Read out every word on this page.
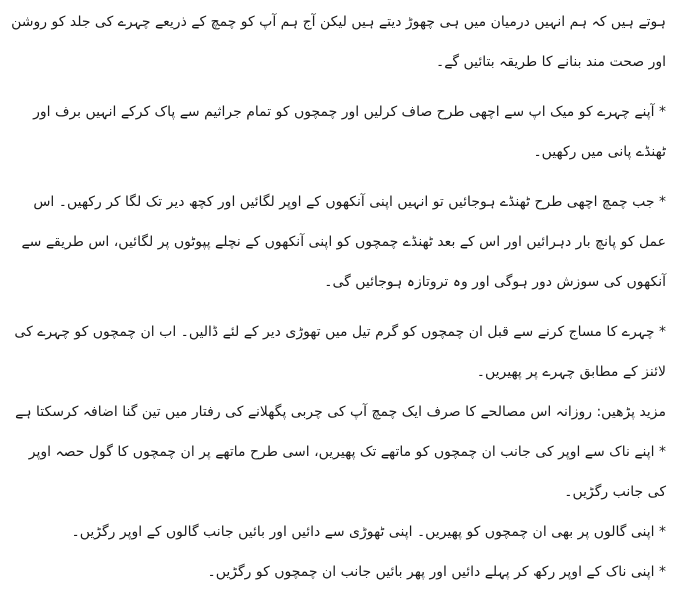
ہوتے ہیں کہ ہم انہیں درمیان میں ہی چھوڑ دیتے ہیں لیکن آج ہم آپ کو چمچ کے ذریعے چہرے کی جلد کو روشن اور صحت مند بنانے کا طریقہ بتائیں گے۔

* آپنے چہرے کو میک اپ سے اچھی طرح صاف کرلیں اور چمچوں کو تمام جراثیم سے پاک کرکے انہیں برف اور ٹھنڈے پانی میں رکھیں۔

* جب چمچ اچھی طرح ٹھنڈے ہوجائیں تو انہیں اپنی آنکھوں کے اوپر لگائیں اور کچھ دیر تک لگا کر رکھیں۔ اس عمل کو پانچ بار دہرائیں اور اس کے بعد ٹھنڈے چمچوں کو اپنی آنکھوں کے نچلے پپوٹوں پر لگائیں، اس طریقے سے آنکھوں کی سوزش دور ہوگی اور وہ تروتازہ ہوجائیں گی۔

* چہرے کا مساج کرنے سے قبل ان چمچوں کو گرم تیل میں تھوڑی دیر کے لئے ڈالیں۔ اب ان چمچوں کو چہرے کی لائنز کے مطابق چہرے پر پھیریں۔

مزید پڑھیں: روزانہ اس مصالحے کا صرف ایک چمچ آپ کی چربی پگھلانے کی رفتار میں تین گنا اضافہ کرسکتا ہے

* اپنے ناک سے اوپر کی جانب ان چمچوں کو ماتھے تک پھیریں، اسی طرح ماتھے پر ان چمچوں کا گول حصہ اوپر کی جانب رگڑیں۔

* اپنی گالوں پر بھی ان چمچوں کو پھیریں۔ اپنی ٹھوڑی سے دائیں اور بائیں جانب گالوں کے اوپر رگڑیں۔

* اپنی ناک کے اوپر رکھ کر پہلے دائیں اور پھر بائیں جانب ان چمچوں کو رگڑیں۔
